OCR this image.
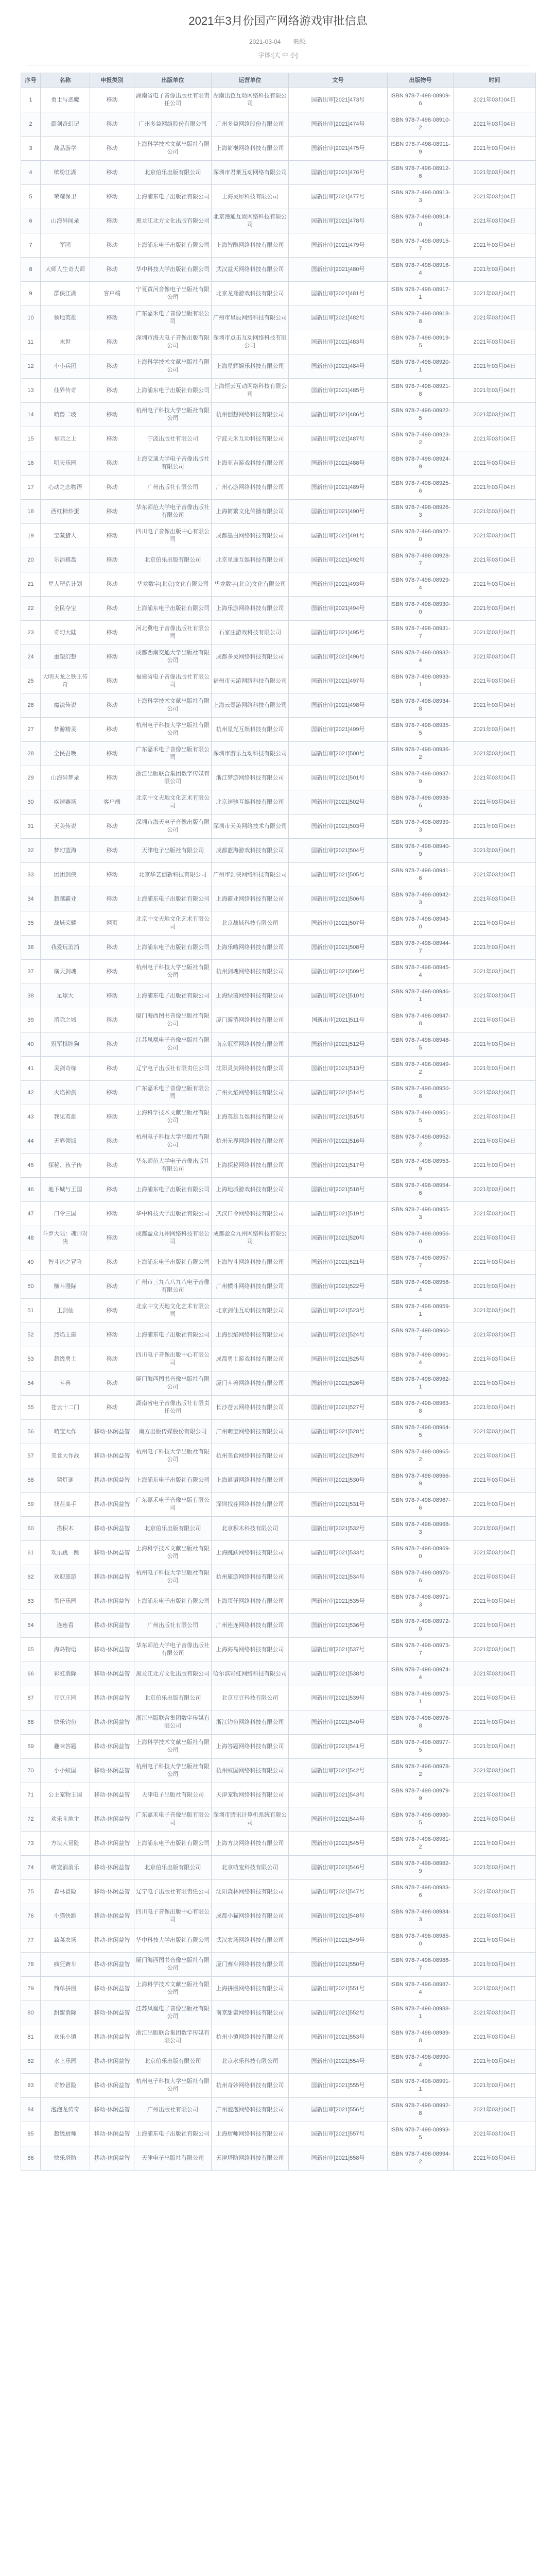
2021年3月份国产网络游戏审批信息
2021-03-04 来源:
字体:[大 中 小]
序号	名称	申报类别	出版单位	运营单位	文号	出版物号	时间
1	勇士与恶魔	移动	湖南省电子音像出版社有限责任公司	湖南出色互动网络科技有限公司	国新出审[2021]473号	ISBN 978-7-498-08909-6	2021年03月04日
2	御剑奇幻记	移动	广州多益网络股份有限公司	广州多益网络股份有限公司	国新出审[2021]474号	ISBN 978-7-498-08910-2	2021年03月04日
3	战品游学	移动	上海科学技术文献出版社有限公司	上海简樾网络科技有限公司	国新出审[2021]475号	ISBN 978-7-498-08911-9	2021年03月04日
4	缤纷江湖	移动	北京伯乐出版有限公司	深圳市君莱互动网络有限公司	国新出审[2021]476号	ISBN 978-7-498-08912-6	2021年03月04日
5	荣耀保卫	移动	上海浦东电子出版社有限公司	上海灵犀科技有限公司	国新出审[2021]477号	ISBN 978-7-498-08913-3	2021年03月04日
6	山海异闻录	移动	黑龙江北方文化出版有限公司	北京漫通互娱网络科技有限公司	国新出审[2021]478号	ISBN 978-7-498-08914-0	2021年03月04日
7	军团	移动	上海浦东电子出版社有限公司	上海智酷网络科技有限公司	国新出审[2021]479号	ISBN 978-7-498-08915-7	2021年03月04日
8	大师人生奇大师	移动	华中科技大学出版社有限公司	武汉益天网络科技有限公司	国新出审[2021]480号	ISBN 978-7-498-08916-4	2021年03月04日
9	群侠江湖	客户端	宁夏黄河音像电子出版社有限公司	北京龙翔游戏科技有限公司	国新出审[2021]481号	ISBN 978-7-498-08917-1	2021年03月04日
10	领地英雄	移动	广东嘉禾电子音像出版有限公司	广州市星辰网络科技有限公司	国新出审[2021]482号	ISBN 978-7-498-08918-8	2021年03月04日
11	末世	移动	深圳市海天电子音像出版有限公司	深圳市点击互动网络科技有限公司	国新出审[2021]483号	ISBN 978-7-498-08919-5	2021年03月04日
12	小小兵团	移动	上海科学技术文献出版社有限公司	上海星辉娱乐科技有限公司	国新出审[2021]484号	ISBN 978-7-498-08920-1	2021年03月04日
13	仙界传奇	移动	上海浦东电子出版社有限公司	上海恒云互动网络科技有限公司	国新出审[2021]485号	ISBN 978-7-498-08921-8	2021年03月04日
14	萌兽二坡	移动	杭州电子科技大学出版社有限公司	杭州创想网络科技有限公司	国新出审[2021]486号	ISBN 978-7-498-08922-5	2021年03月04日
15	星际之上	移动	宁波出版社有限公司	宁波天禾互动科技有限公司	国新出审[2021]487号	ISBN 978-7-498-08923-2	2021年03月04日
16	明天乐园	移动	上海交通大学电子音像出版社有限公司	上海亚吉游戏科技有限公司	国新出审[2021]488号	ISBN 978-7-498-08924-9	2021年03月04日
17	心动之恋物语	移动	广州出版社有限公司	广州心游网络科技有限公司	国新出审[2021]489号	ISBN 978-7-498-08925-6	2021年03月04日
18	西红柿炒蛋	移动	华东师范大学电子音像出版社有限公司	上海简繁文化传播有限公司	国新出审[2021]490号	ISBN 978-7-498-08926-3	2021年03月04日
19	宝藏猎人	移动	四川电子音像出版中心有限公司	成都墨白网络科技有限公司	国新出审[2021]491号	ISBN 978-7-498-08927-0	2021年03月04日
20	乐消棋盘	移动	北京伯乐出版有限公司	北京星途互娱科技有限公司	国新出审[2021]492号	ISBN 978-7-498-08928-7	2021年03月04日
21	星人塑造计划	移动	华龙数字(北京)文化有限公司	华龙数字(北京)文化有限公司	国新出审[2021]493号	ISBN 978-7-498-08929-4	2021年03月04日
22	全民夺宝	移动	上海浦东电子出版社有限公司	上海乐游网络科技有限公司	国新出审[2021]494号	ISBN 978-7-498-08930-0	2021年03月04日
23	奇幻大陆	移动	河北冀电子音像出版社有限公司	石家庄游戏科技有限公司	国新出审[2021]495号	ISBN 978-7-498-08931-7	2021年03月04日
24	重塑幻想	移动	成都西南交通大学出版社有限公司	成都多灵网络科技有限公司	国新出审[2021]496号	ISBN 978-7-498-08932-4	2021年03月04日
25	大明天龙之铁王传奇	移动	福建省电子音像出版社有限公司	福州市天游网络科技有限公司	国新出审[2021]497号	ISBN 978-7-498-08933-1	2021年03月04日
26	魔法传说	移动	上海科学技术文献出版社有限公司	上海云壹游网络科技有限公司	国新出审[2021]498号	ISBN 978-7-498-08934-8	2021年03月04日
27	梦游精灵	移动	杭州电子科技大学出版社有限公司	杭州星光互娱科技有限公司	国新出审[2021]499号	ISBN 978-7-498-08935-5	2021年03月04日
28	全民召唤	移动	广东嘉禾电子音像出版有限公司	深圳市游乐互动科技有限公司	国新出审[2021]500号	ISBN 978-7-498-08936-2	2021年03月04日
29	山海异梦录	移动	浙江出版联合集团数字传媒有限公司	浙江梦游网络科技有限公司	国新出审[2021]501号	ISBN 978-7-498-08937-9	2021年03月04日
30	疾速赛场	客户端	北京中文天地文化艺术有限公司	北京速驰互娱科技有限公司	国新出审[2021]502号	ISBN 978-7-498-08938-6	2021年03月04日
31	天美传说	移动	深圳市海天电子音像出版有限公司	深圳市天美网络技术有限公司	国新出审[2021]503号	ISBN 978-7-498-08939-3	2021年03月04日
32	梦幻蓝海	移动	天津电子出版社有限公司	成都蓝海游戏科技有限公司	国新出审[2021]504号	ISBN 978-7-498-08940-9	2021年03月04日
33	团团剑侠	移动	北京华艺创新科技有限公司	广州市剑侠网络科技有限公司	国新出审[2021]505号	ISBN 978-7-498-08941-6	2021年03月04日
34	超越霸业	移动	上海浦东电子出版社有限公司	上海霸业网络科技有限公司	国新出审[2021]506号	ISBN 978-7-498-08942-3	2021年03月04日
35	战域荣耀	网页	北京中文天地文化艺术有限公司	北京战域科技有限公司	国新出审[2021]507号	ISBN 978-7-498-08943-0	2021年03月04日
36	我爱玩消消	移动	上海浦东电子出版社有限公司	上海乐嗨网络科技有限公司	国新出审[2021]508号	ISBN 978-7-498-08944-7	2021年03月04日
37	横天剑魂	移动	杭州电子科技大学出版社有限公司	杭州剑魂网络科技有限公司	国新出审[2021]509号	ISBN 978-7-498-08945-4	2021年03月04日
38	足球大	移动	上海浦东电子出版社有限公司	上海绿茵网络科技有限公司	国新出审[2021]510号	ISBN 978-7-498-08946-1	2021年03月04日
39	消除之城	移动	厦门海西图书音像出版社有限公司	厦门游消网络科技有限公司	国新出审[2021]511号	ISBN 978-7-498-08947-8	2021年03月04日
40	冠军棋牌狗	移动	江苏凤凰电子音像出版社有限公司	南京冠军网络科技有限公司	国新出审[2021]512号	ISBN 978-7-498-08948-5	2021年03月04日
41	灵剑奇缘	移动	辽宁电子出版社有限责任公司	沈阳灵剑网络科技有限公司	国新出审[2021]513号	ISBN 978-7-498-08949-2	2021年03月04日
42	火焰神剑	移动	广东嘉禾电子音像出版有限公司	广州火焰网络科技有限公司	国新出审[2021]514号	ISBN 978-7-498-08950-8	2021年03月04日
43	我见英雄	移动	上海科学技术文献出版社有限公司	上海英雄互娱科技有限公司	国新出审[2021]515号	ISBN 978-7-498-08951-5	2021年03月04日
44	无界领域	移动	杭州电子科技大学出版社有限公司	杭州无界网络科技有限公司	国新出审[2021]516号	ISBN 978-7-498-08952-2	2021年03月04日
45	探秘、孩子传	移动	华东师范大学电子音像出版社有限公司	上海探秘网络科技有限公司	国新出审[2021]517号	ISBN 978-7-498-08953-9	2021年03月04日
46	地下城与王国	移动	上海浦东电子出版社有限公司	上海地城游戏科技有限公司	国新出审[2021]518号	ISBN 978-7-498-08954-6	2021年03月04日
47	口令三国	移动	华中科技大学出版社有限公司	武汉口令网络科技有限公司	国新出审[2021]519号	ISBN 978-7-498-08955-3	2021年03月04日
48	斗罗大陆：魂师对决	移动	成都盈众九州网络科技有限公司	成都盈众九州网络科技有限公司	国新出审[2021]520号	ISBN 978-7-498-08956-0	2021年03月04日
49	智斗迷之冒险	移动	上海浦东电子出版社有限公司	上海智斗网络科技有限公司	国新出审[2021]521号	ISBN 978-7-498-08957-7	2021年03月04日
50	横斗漫际	移动	广州市三九八八九八电子音像有限公司	广州横斗网络科技有限公司	国新出审[2021]522号	ISBN 978-7-498-08958-4	2021年03月04日
51	王剑仙	移动	北京中文天地文化艺术有限公司	北京剑仙互动科技有限公司	国新出审[2021]523号	ISBN 978-7-498-08959-1	2021年03月04日
52	烈焰王座	移动	上海浦东电子出版社有限公司	上海烈焰网络科技有限公司	国新出审[2021]524号	ISBN 978-7-498-08960-7	2021年03月04日
53	超级勇士	移动	四川电子音像出版中心有限公司	成都勇士游戏科技有限公司	国新出审[2021]525号	ISBN 978-7-498-08961-4	2021年03月04日
54	斗兽	移动	厦门海西图书音像出版社有限公司	厦门斗兽网络科技有限公司	国新出审[2021]526号	ISBN 978-7-498-08962-1	2021年03月04日
55	苍云十二门	移动	湖南省电子音像出版社有限责任公司	长沙苍云网络科技有限公司	国新出审[2021]527号	ISBN 978-7-498-08963-8	2021年03月04日
56	萌宝大作	移动-休闲益智	南方出版传媒股份有限公司	广州萌宝网络科技有限公司	国新出审[2021]528号	ISBN 978-7-498-08964-5	2021年03月04日
57	美食大作战	移动-休闲益智	杭州电子科技大学出版社有限公司	杭州美食网络科技有限公司	国新出审[2021]529号	ISBN 978-7-498-08965-2	2021年03月04日
58	猜灯谜	移动-休闲益智	上海浦东电子出版社有限公司	上海谜语网络科技有限公司	国新出审[2021]530号	ISBN 978-7-498-08966-9	2021年03月04日
59	找茬高手	移动-休闲益智	广东嘉禾电子音像出版有限公司	深圳找茬网络科技有限公司	国新出审[2021]531号	ISBN 978-7-498-08967-6	2021年03月04日
60	搭积木	移动-休闲益智	北京伯乐出版有限公司	北京积木科技有限公司	国新出审[2021]532号	ISBN 978-7-498-08968-3	2021年03月04日
61	欢乐跳一跳	移动-休闲益智	上海科学技术文献出版社有限公司	上海跳跃网络科技有限公司	国新出审[2021]533号	ISBN 978-7-498-08969-0	2021年03月04日
62	欢迎旅游	移动-休闲益智	杭州电子科技大学出版社有限公司	杭州旅游网络科技有限公司	国新出审[2021]534号	ISBN 978-7-498-08970-6	2021年03月04日
63	蛋仔乐园	移动-休闲益智	上海浦东电子出版社有限公司	上海蛋仔网络科技有限公司	国新出审[2021]535号	ISBN 978-7-498-08971-3	2021年03月04日
64	连连看	移动-休闲益智	广州出版社有限公司	广州连连网络科技有限公司	国新出审[2021]536号	ISBN 978-7-498-08972-0	2021年03月04日
65	海岛物语	移动-休闲益智	华东师范大学电子音像出版社有限公司	上海海岛网络科技有限公司	国新出审[2021]537号	ISBN 978-7-498-08973-7	2021年03月04日
66	彩虹消除	移动-休闲益智	黑龙江北方文化出版有限公司	哈尔滨彩虹网络科技有限公司	国新出审[2021]538号	ISBN 978-7-498-08974-4	2021年03月04日
67	豆豆庄园	移动-休闲益智	北京伯乐出版有限公司	北京豆豆科技有限公司	国新出审[2021]539号	ISBN 978-7-498-08975-1	2021年03月04日
68	快乐钓鱼	移动-休闲益智	浙江出版联合集团数字传媒有限公司	浙江钓鱼网络科技有限公司	国新出审[2021]540号	ISBN 978-7-498-08976-8	2021年03月04日
69	趣味答题	移动-休闲益智	上海科学技术文献出版社有限公司	上海答题网络科技有限公司	国新出审[2021]541号	ISBN 978-7-498-08977-5	2021年03月04日
70	小小蚁国	移动-休闲益智	杭州电子科技大学出版社有限公司	杭州蚁国网络科技有限公司	国新出审[2021]542号	ISBN 978-7-498-08978-2	2021年03月04日
71	公主宠物王国	移动-休闲益智	天津电子出版社有限公司	天津宠物网络科技有限公司	国新出审[2021]543号	ISBN 978-7-498-08979-9	2021年03月04日
72	欢乐斗地主	移动-休闲益智	广东嘉禾电子音像出版有限公司	深圳市腾讯计算机系统有限公司	国新出审[2021]544号	ISBN 978-7-498-08980-5	2021年03月04日
73	方块大冒险	移动-休闲益智	上海浦东电子出版社有限公司	上海方块网络科技有限公司	国新出审[2021]545号	ISBN 978-7-498-08981-2	2021年03月04日
74	萌宠消消乐	移动-休闲益智	北京伯乐出版有限公司	北京萌宠科技有限公司	国新出审[2021]546号	ISBN 978-7-498-08982-9	2021年03月04日
75	森林冒险	移动-休闲益智	辽宁电子出版社有限责任公司	沈阳森林网络科技有限公司	国新出审[2021]547号	ISBN 978-7-498-08983-6	2021年03月04日
76	小猫快跑	移动-休闲益智	四川电子音像出版中心有限公司	成都小猫网络科技有限公司	国新出审[2021]548号	ISBN 978-7-498-08984-3	2021年03月04日
77	蔬菜农场	移动-休闲益智	华中科技大学出版社有限公司	武汉农场网络科技有限公司	国新出审[2021]549号	ISBN 978-7-498-08985-0	2021年03月04日
78	疯狂赛车	移动-休闲益智	厦门海西图书音像出版社有限公司	厦门赛车网络科技有限公司	国新出审[2021]550号	ISBN 978-7-498-08986-7	2021年03月04日
79	简单拼图	移动-休闲益智	上海科学技术文献出版社有限公司	上海拼图网络科技有限公司	国新出审[2021]551号	ISBN 978-7-498-08987-4	2021年03月04日
80	甜蜜消除	移动-休闲益智	江苏凤凰电子音像出版社有限公司	南京甜蜜网络科技有限公司	国新出审[2021]552号	ISBN 978-7-498-08988-1	2021年03月04日
81	欢乐小镇	移动-休闲益智	浙江出版联合集团数字传媒有限公司	杭州小镇网络科技有限公司	国新出审[2021]553号	ISBN 978-7-498-08989-8	2021年03月04日
82	水上乐园	移动-休闲益智	北京伯乐出版有限公司	北京水乐科技有限公司	国新出审[2021]554号	ISBN 978-7-498-08990-4	2021年03月04日
83	奇妙冒险	移动-休闲益智	杭州电子科技大学出版社有限公司	杭州奇妙网络科技有限公司	国新出审[2021]555号	ISBN 978-7-498-08991-1	2021年03月04日
84	泡泡龙传奇	移动-休闲益智	广州出版社有限公司	广州泡泡网络科技有限公司	国新出审[2021]556号	ISBN 978-7-498-08992-8	2021年03月04日
85	超级厨师	移动-休闲益智	上海浦东电子出版社有限公司	上海厨师网络科技有限公司	国新出审[2021]557号	ISBN 978-7-498-08993-5	2021年03月04日
86	快乐塔防	移动-休闲益智	天津电子出版社有限公司	天津塔防网络科技有限公司	国新出审[2021]558号	ISBN 978-7-498-08994-2	2021年03月04日
